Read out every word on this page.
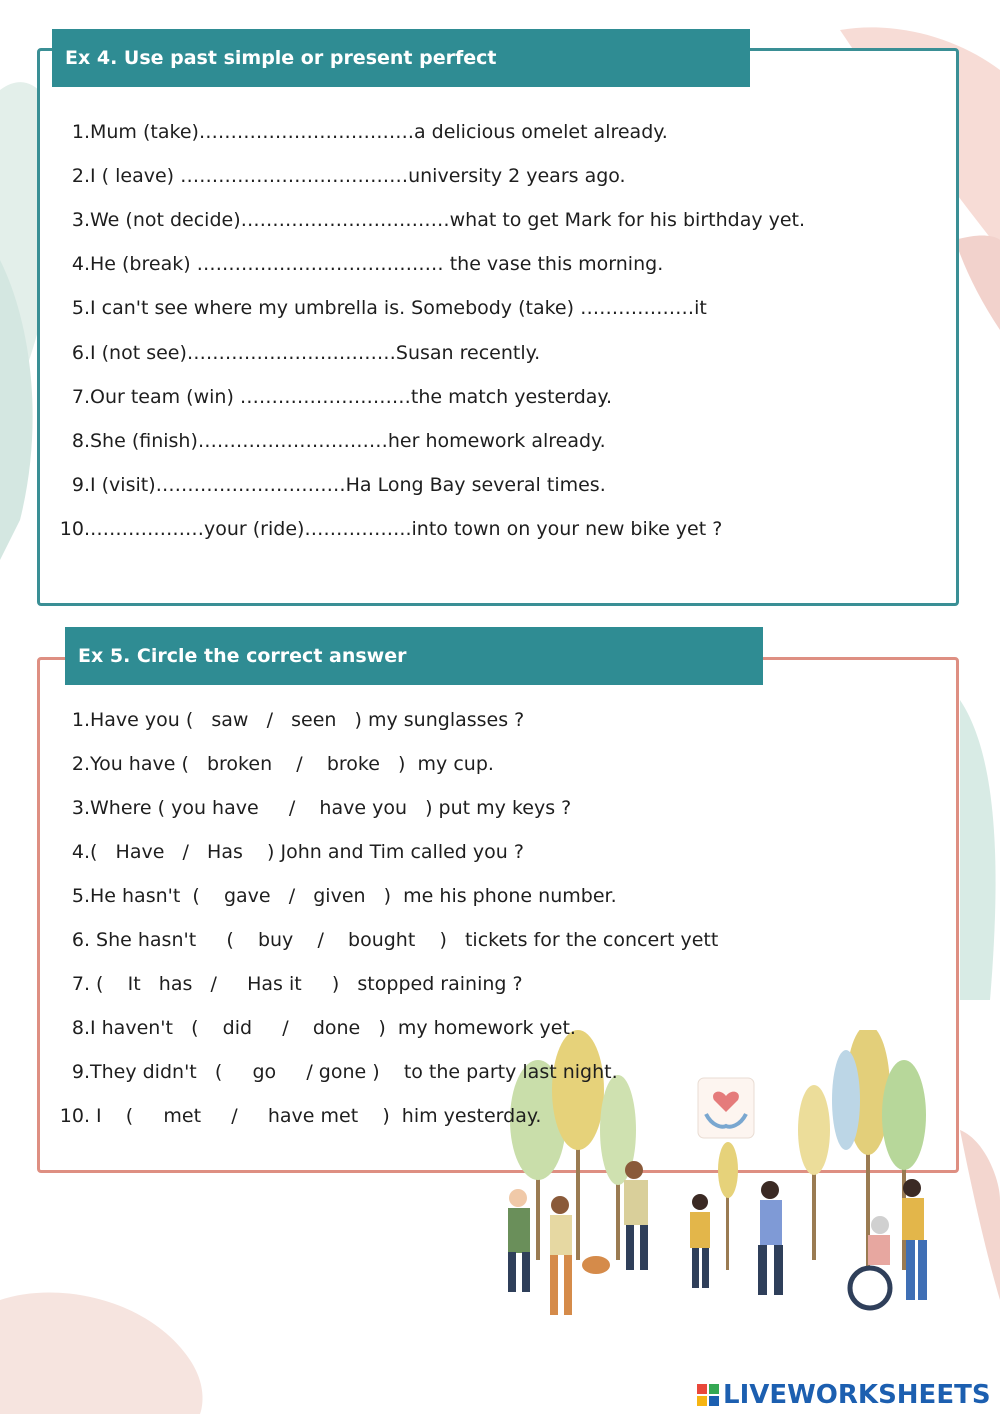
Ex 4. Use past simple or present perfect
1.Mum (take)…………………………….a delicious omelet already.
2.I ( leave) ………………………………university 2 years ago.
3.We (not decide)……………………………what to get Mark for his birthday yet.
4.He (break) ………………………………… the vase this morning.
5.I can't see where my umbrella is. Somebody (take) ………………it
6.I (not see)……………………………Susan recently.
7.Our team (win) ………………………the match yesterday.
8.She (finish)…………………………her homework already.
9.I (visit)…………………………Ha Long Bay several times.
10.………………your (ride)……………..into town on your new bike yet ?
Ex 5. Circle the correct answer
1.Have you (   saw   /   seen   ) my sunglasses ?
2.You have (   broken    /    broke   )  my cup.
3.Where ( you have     /    have you   ) put my keys ?
4.(   Have   /   Has    ) John and Tim called you ?
5.He hasn't  (    gave   /   given   )  me his phone number.
6. She hasn't     (    buy    /    bought    )   tickets for the concert yett
7. (    It   has   /     Has it     )   stopped raining ?
8.I haven't   (    did     /    done   )  my homework yet.
9.They didn't   (     go     / gone )    to the party last night.
10. I    (     met     /     have met    )  him yesterday.
LIVEWORKSHEETS
